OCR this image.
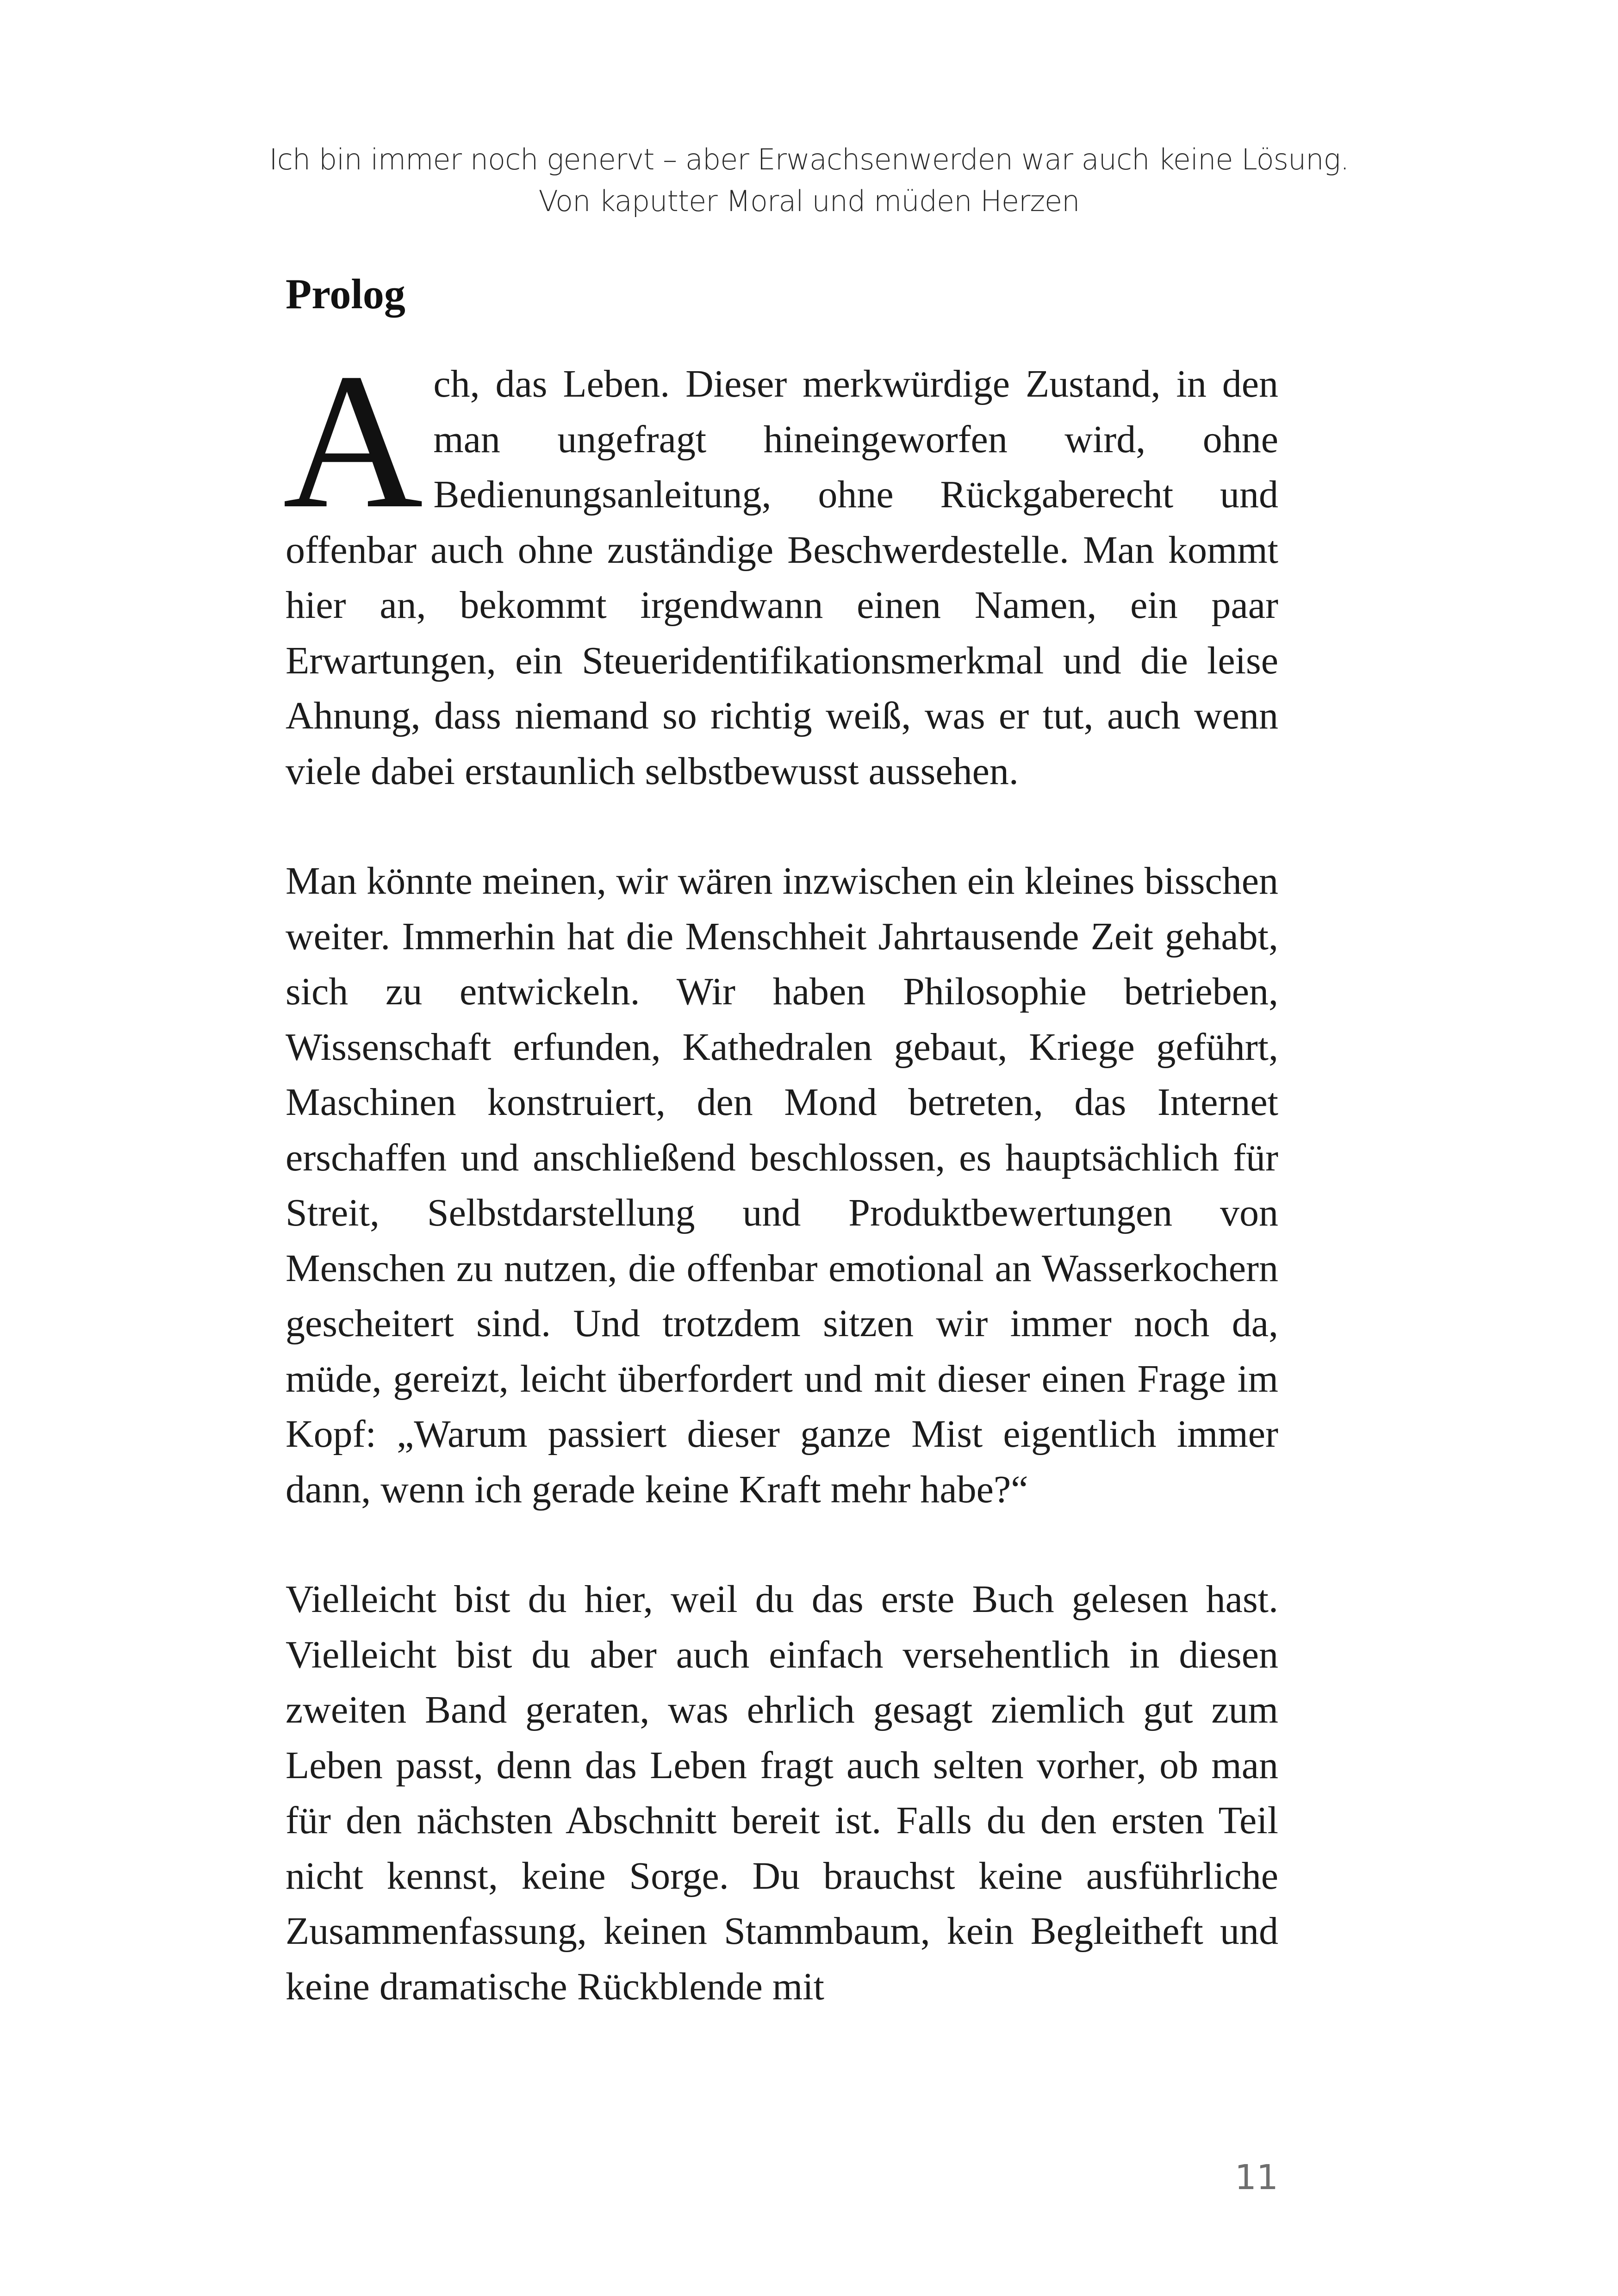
Ich bin immer noch genervt – aber Erwachsenwerden war auch keine Lösung.
Von kaputter Moral und müden Herzen
Prolog

Ach, das Leben. Dieser merkwürdige Zustand, in den man ungefragt hineingeworfen wird, ohne Bedienungsanleitung, ohne Rückgaberecht und offenbar auch ohne zuständige Beschwerdestelle. Man kommt hier an, bekommt irgendwann einen Namen, ein paar Erwartungen, ein Steueridentifikationsmerkmal und die leise Ahnung, dass niemand so richtig weiß, was er tut, auch wenn viele dabei erstaunlich selbstbewusst aussehen.

Man könnte meinen, wir wären inzwischen ein kleines bisschen weiter. Immerhin hat die Menschheit Jahrtausende Zeit gehabt, sich zu entwickeln. Wir haben Philosophie betrieben, Wissenschaft erfunden, Kathedralen gebaut, Kriege geführt, Maschinen konstruiert, den Mond betreten, das Internet erschaffen und anschließend beschlossen, es hauptsächlich für Streit, Selbstdarstellung und Produktbewertungen von Menschen zu nutzen, die offenbar emotional an Wasserkochern gescheitert sind. Und trotzdem sitzen wir immer noch da, müde, gereizt, leicht überfordert und mit dieser einen Frage im Kopf: „Warum passiert dieser ganze Mist eigentlich immer dann, wenn ich gerade keine Kraft mehr habe?“

Vielleicht bist du hier, weil du das erste Buch gelesen hast. Vielleicht bist du aber auch einfach versehentlich in diesen zweiten Band geraten, was ehrlich gesagt ziemlich gut zum Leben passt, denn das Leben fragt auch selten vorher, ob man für den nächsten Abschnitt bereit ist. Falls du den ersten Teil nicht kennst, keine Sorge. Du brauchst keine ausführliche Zusammenfassung, keinen Stammbaum, kein Begleitheft und keine dramatische Rückblende mit

11
